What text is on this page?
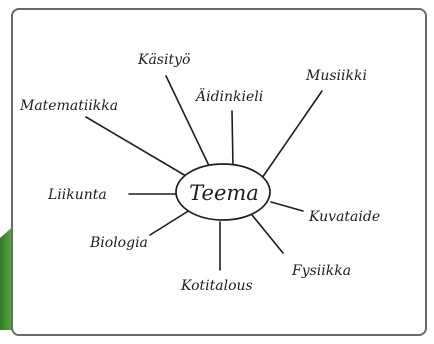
Teema
Käsityö
Äidinkieli
Musiikki
Matematiikka
Liikunta
Kuvataide
Biologia
Kotitalous
Fysiikka
